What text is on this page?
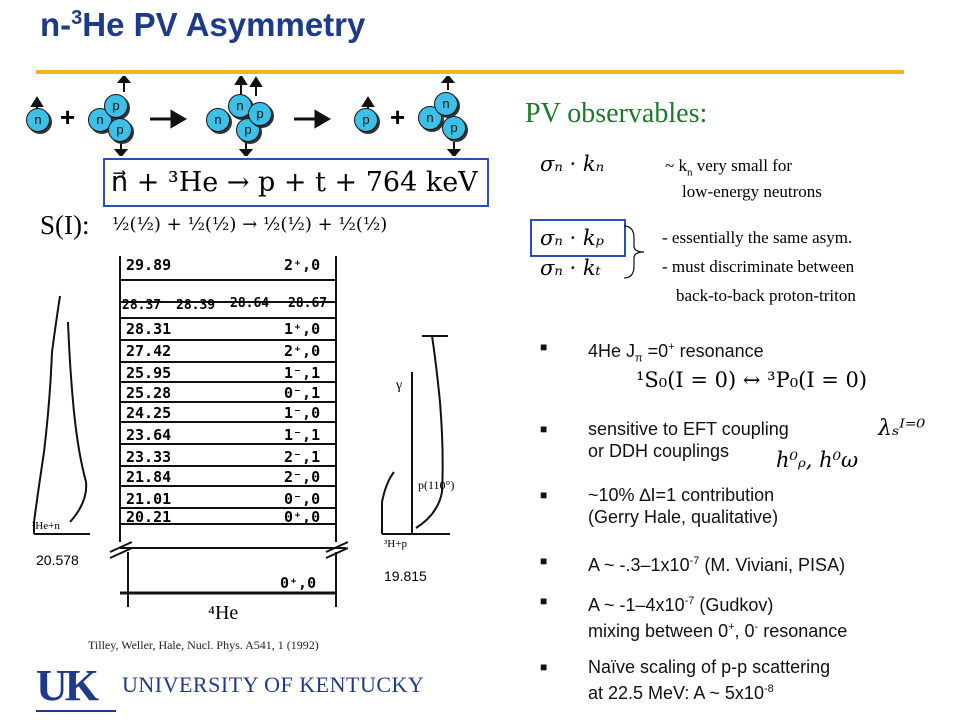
n-$^3$He PV Asymmetry
n +	n
p
p
n
n
p
p	p +	n
n
p
n⃗ + ³He → p + t + 764 keV
S(I): ½(½) + ½(½) → ½(½) + ½(½)
PV observables:
σₙ · kₙ
σₙ · kₚ
σₙ · kₜ
~ $k_n$ very small for
low-energy neutrons
- essentially the same asym.
- must discriminate between
back-to-back proton-triton
■ 4He $J_\pi =0^+$ resonance
¹S₀(I = 0) ↔ ³P₀(I = 0)
■ sensitive to EFT coupling
or DDH couplings
λₛᴵ⁼⁰
h⁰ᵨ, h⁰ω
■ ~10% ∆I=1 contribution
(Gerry Hale, qualitative)
■ A ~ $-.3-1x10^{-7}$ (M. Viviani, PISA)
■ A ~ $-1-4x10^{-7}$ (Gudkov)
mixing between 0+, 0- resonance
■ Naïve scaling of p-p scattering
at 22.5 MeV: A ~ $5x10^{-8}$
29.89	2⁺,0
28.37 28.39 28.64 28.67
28.31	1⁺,0
27.42	2⁺,0
25.95	1⁻,1
25.28	0⁻,1
24.25	1⁻,0
23.64	1⁻,1
23.33	2⁻,1
21.84	2⁻,0
21.01	0⁻,0
20.21	0⁺,0
0⁺,0
⁴He
20.578
19.815
³He+n
³H+p
γ
p(110°)
Tilley, Weller, Hale, Nucl. Phys. A541, 1 (1992)
UK UNIVERSITY OF KENTUCKY
